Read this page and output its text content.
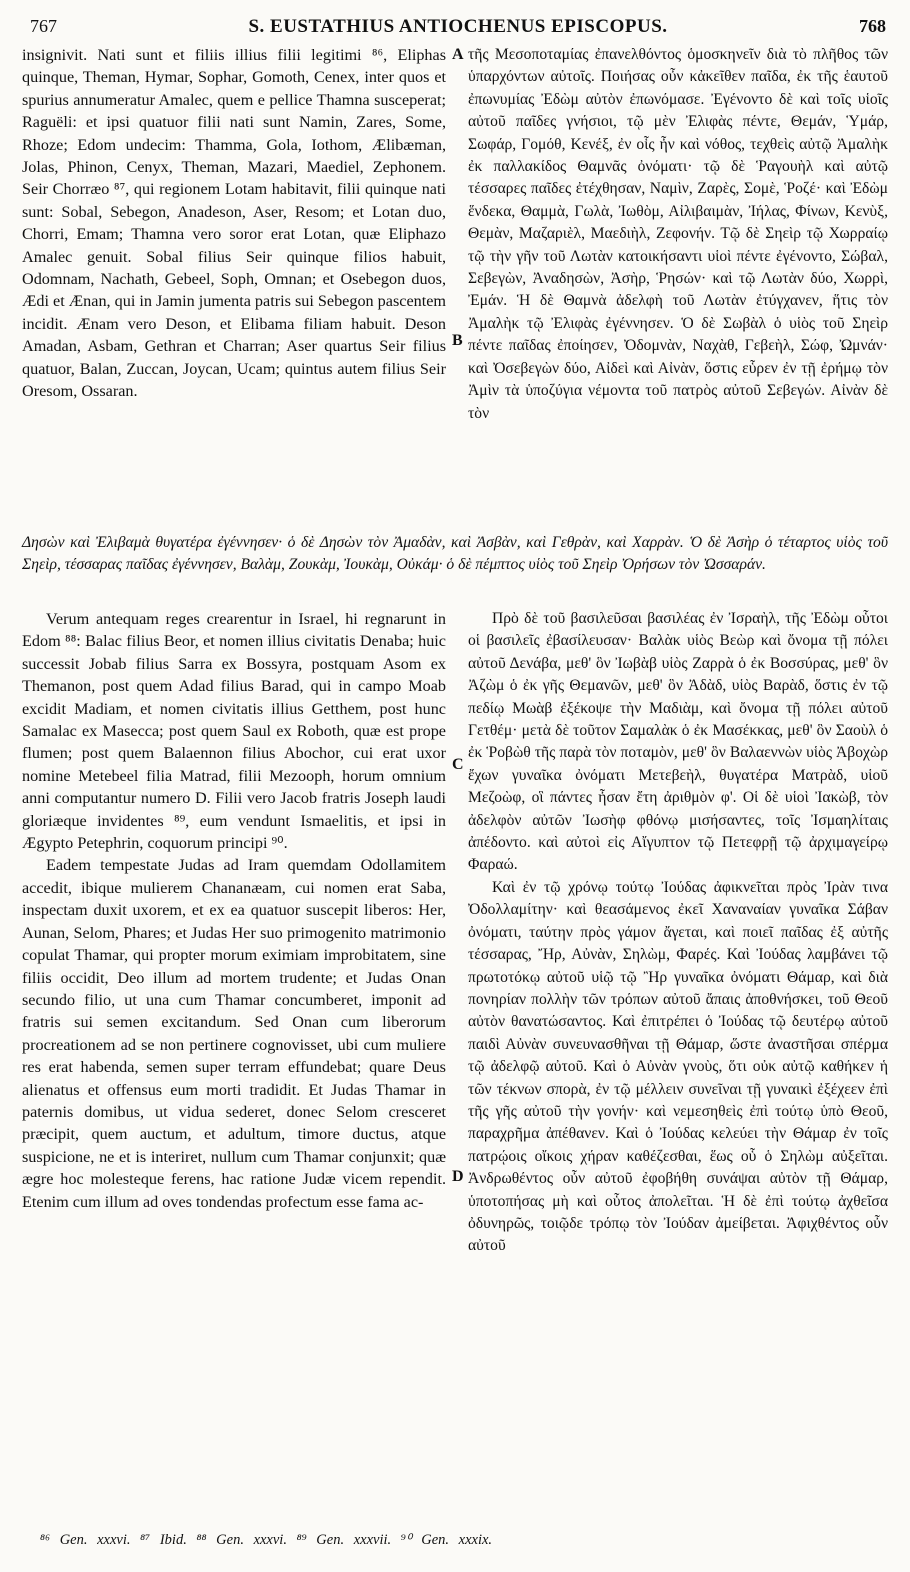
767	S. EUSTATHIUS ANTIOCHENUS EPISCOPUS.	768

insignivit. Nati sunt et filiis illius filii legitimi ⁸⁶, Eliphas quinque, Theman, Hymar, Sophar, Gomoth, Cenex, inter quos et spurius annumeratur Amalec, quem e pellice Thamna susceperat; Raguëli: et ipsi quatuor filii nati sunt Namin, Zares, Some, Rhoze; Edom undecim: Thamma, Gola, Iothom, Ælibæman, Jolas, Phinon, Cenyx, Theman, Mazari, Maediel, Zephonem. Seir Chorræo ⁸⁷, qui regionem Lotam habitavit, filii quinque nati sunt: Sobal, Sebegon, Anadeson, Aser, Resom; et Lotan duo, Chorri, Emam; Thamna vero soror erat Lotan, quæ Eliphazo Amalec genuit. Sobal filius Seir quinque filios habuit, Odomnam, Nachath, Gebeel, Soph, Omnan; et Osebegon duos, Ædi et Ænan, qui in Jamin jumenta patris sui Sebegon pascentem incidit. Ænam vero Deson, et Elibama filiam habuit. Deson Amadan, Asbam, Gethran et Charran; Aser quartus Seir filius quatuor, Balan, Zuccan, Joycan, Ucam; quintus autem filius Seir Oresom, Ossaran.

τῆς Μεσοποταμίας ἐπανελθόντος ὁμοσκηνεῖν διὰ τὸ πλῆθος τῶν ὑπαρχόντων αὐτοῖς. Ποιήσας οὖν κἀκεῖθεν παῖδα, ἐκ τῆς ἑαυτοῦ ἐπωνυμίας Ἐδὼμ αὐτὸν ἐπωνόμασε. Ἐγένοντο δὲ καὶ τοῖς υἱοῖς αὐτοῦ παῖδες γνήσιοι, τῷ μὲν Ἐλιφὰς πέντε, Θεμάν, Ὑμάρ, Σωφάρ, Γομόθ, Κενέξ, ἐν οἷς ἦν καὶ νόθος, τεχθεὶς αὐτῷ Ἀμαλὴκ ἐκ παλλακίδος Θαμνᾶς ὀνόματι· τῷ δὲ Ῥαγουὴλ καὶ αὐτῷ τέσσαρες παῖδες ἐτέχθησαν, Ναμὶν, Ζαρὲς, Σομὲ, Ῥοζέ· καὶ Ἐδὼμ ἕνδεκα, Θαμμὰ, Γωλὰ, Ἰωθὸμ, Αἰλιβαιμὰν, Ἰήλας, Φίνων, Κενὺξ, Θεμὰν, Μαζαριὲλ, Μαεδιὴλ, Ζεφονήν. Τῷ δὲ Σηεὶρ τῷ Χωρραίῳ τῷ τὴν γῆν τοῦ Λωτὰν κατοικήσαντι υἱοὶ πέντε ἐγένοντο, Σώβαλ, Σεβεγὼν, Ἀναδησὼν, Ἀσὴρ, Ῥησών· καὶ τῷ Λωτὰν δύο, Χωρρὶ, Ἐμάν. Ἡ δὲ Θαμνὰ ἀδελφὴ τοῦ Λωτὰν ἐτύγχανεν, ἥτις τὸν Ἀμαλὴκ τῷ Ἐλιφὰς ἐγέννησεν. Ὁ δὲ Σωβὰλ ὁ υἱὸς τοῦ Σηεὶρ πέντε παῖδας ἐποίησεν, Ὀδομνὰν, Ναχὰθ, Γεβεὴλ, Σώφ, Ὠμνάν· καὶ Ὀσεβεγὼν δύο, Αἰδεὶ καὶ Αἰνὰν, ὅστις εὗρεν ἐν τῇ ἐρήμῳ τὸν Ἀμὶν τὰ ὑποζύγια νέμοντα τοῦ πατρὸς αὐτοῦ Σεβεγών. Αἰνὰν δὲ τὸν

A
B
Δησὼν καὶ Ἐλιβαμὰ θυγατέρα ἐγέννησεν· ὁ δὲ Δησὼν τὸν Ἀμαδὰν, καὶ Ἀσβὰν, καὶ Γεθρὰν, καὶ Χαρρὰν. Ὁ δὲ Ἀσὴρ ὁ τέταρτος υἱὸς τοῦ Σηεὶρ, τέσσαρας παῖδας ἐγέννησεν, Βαλὰμ, Ζουκὰμ, Ἰουκὰμ, Οὐκάμ· ὁ δὲ πέμπτος υἱὸς τοῦ Σηεὶρ Ὀρήσων τὸν Ὠσσαράν.

Verum antequam reges crearentur in Israel, hi regnarunt in Edom ⁸⁸: Balac filius Beor, et nomen illius civitatis Denaba; huic successit Jobab filius Sarra ex Bossyra, postquam Asom ex Themanon, post quem Adad filius Barad, qui in campo Moab excidit Madiam, et nomen civitatis illius Getthem, post hunc Samalac ex Masecca; post quem Saul ex Roboth, quæ est prope flumen; post quem Balaennon filius Abochor, cui erat uxor nomine Metebeel filia Matrad, filii Mezooph, horum omnium anni computantur numero D. Filii vero Jacob fratris Joseph laudi gloriæque invidentes ⁸⁹, eum vendunt Ismaelitis, et ipsi in Ægypto Petephrin, coquorum principi ⁹⁰.

Eadem tempestate Judas ad Iram quemdam Odollamitem accedit, ibique mulierem Chananæam, cui nomen erat Saba, inspectam duxit uxorem, et ex ea quatuor suscepit liberos: Her, Aunan, Selom, Phares; et Judas Her suo primogenito matrimonio copulat Thamar, qui propter morum eximiam improbitatem, sine filiis occidit, Deo illum ad mortem trudente; et Judas Onan secundo filio, ut una cum Thamar concumberet, imponit ad fratris sui semen excitandum. Sed Onan cum liberorum procreationem ad se non pertinere cognovisset, ubi cum muliere res erat habenda, semen super terram effundebat; quare Deus alienatus et offensus eum morti tradidit. Et Judas Thamar in paternis domibus, ut vidua sederet, donec Selom cresceret præcipit, quem auctum, et adultum, timore ductus, atque suspicione, ne et is interiret, nullum cum Thamar conjunxit; quæ ægre hoc molesteque ferens, hac ratione Judæ vicem rependit. Etenim cum illum ad oves tondendas profectum esse fama ac-

Πρὸ δὲ τοῦ βασιλεῦσαι βασιλέας ἐν Ἰσραὴλ, τῆς Ἐδὼμ οὗτοι οἱ βασιλεῖς ἐβασίλευσαν· Βαλὰκ υἱὸς Βεὼρ καὶ ὄνομα τῇ πόλει αὐτοῦ Δενάβα, μεθ' ὃν Ἰωβὰβ υἱὸς Ζαρρὰ ὁ ἐκ Βοσσύρας, μεθ' ὃν Ἀζὼμ ὁ ἐκ γῆς Θεμανῶν, μεθ' ὃν Ἀδὰδ, υἱὸς Βαρὰδ, ὅστις ἐν τῷ πεδίῳ Μωὰβ ἐξέκοψε τὴν Μαδιὰμ, καὶ ὄνομα τῇ πόλει αὐτοῦ Γετθέμ· μετὰ δὲ τοῦτον Σαμαλὰκ ὁ ἐκ Μασέκκας, μεθ' ὃν Σαοὺλ ὁ ἐκ Ῥοβὼθ τῆς παρὰ τὸν ποταμὸν, μεθ' ὃν Βαλαεννὼν υἱὸς Ἀβοχὼρ ἔχων γυναῖκα ὀνόματι Μετεβεὴλ, θυγατέρα Ματρὰδ, υἱοῦ Μεζοὼφ, οἳ πάντες ἦσαν ἔτη ἀριθμὸν φ'. Οἱ δὲ υἱοὶ Ἰακὼβ, τὸν ἀδελφὸν αὐτῶν Ἰωσὴφ φθόνῳ μισήσαντες, τοῖς Ἰσμαηλίταις ἀπέδοντο. καὶ αὐτοὶ εἰς Αἴγυπτον τῷ Πετεφρῇ τῷ ἀρχιμαγείρῳ Φαραώ.

Καὶ ἐν τῷ χρόνῳ τούτῳ Ἰούδας ἀφικνεῖται πρὸς Ἰρὰν τινα Ὀδολλαμίτην· καὶ θεασάμενος ἐκεῖ Χαναναίαν γυναῖκα Σάβαν ὀνόματι, ταύτην πρὸς γάμον ἄγεται, καὶ ποιεῖ παῖδας ἐξ αὐτῆς τέσσαρας, Ἤρ, Αὐνὰν, Σηλὼμ, Φαρές. Καὶ Ἰούδας λαμβάνει τῷ πρωτοτόκῳ αὐτοῦ υἱῷ τῷ Ἢρ γυναῖκα ὀνόματι Θάμαρ, καὶ διὰ πονηρίαν πολλὴν τῶν τρόπων αὐτοῦ ἄπαις ἀποθνήσκει, τοῦ Θεοῦ αὐτὸν θανατώσαντος. Καὶ ἐπιτρέπει ὁ Ἰούδας τῷ δευτέρῳ αὐτοῦ παιδὶ Αὐνὰν συνευνασθῆναι τῇ Θάμαρ, ὥστε ἀναστῆσαι σπέρμα τῷ ἀδελφῷ αὐτοῦ. Καὶ ὁ Αὐνὰν γνοὺς, ὅτι οὐκ αὐτῷ καθήκεν ἡ τῶν τέκνων σπορὰ, ἐν τῷ μέλλειν συνεῖναι τῇ γυναικὶ ἐξέχεεν ἐπὶ τῆς γῆς αὐτοῦ τὴν γονήν· καὶ νεμεσηθεὶς ἐπὶ τούτῳ ὑπὸ Θεοῦ, παραχρῆμα ἀπέθανεν. Καὶ ὁ Ἰούδας κελεύει τὴν Θάμαρ ἐν τοῖς πατρῴοις οἴκοις χήραν καθέζεσθαι, ἕως οὗ ὁ Σηλὼμ αὐξεῖται. Ἀνδρωθέντος οὖν αὐτοῦ ἐφοβήθη συνάψαι αὐτὸν τῇ Θάμαρ, ὑποτοπήσας μὴ καὶ οὗτος ἀπολεῖται. Ἡ δὲ ἐπὶ τούτῳ ἀχθεῖσα ὀδυνηρῶς, τοιῷδε τρόπῳ τὸν Ἰούδαν ἀμείβεται. Ἀφιχθέντος οὖν αὐτοῦ

C
D
⁸⁶ Gen. xxxvi. ⁸⁷ Ibid. ⁸⁸ Gen. xxxvi. ⁸⁹ Gen. xxxvii. ⁹⁰ Gen. xxxix.
